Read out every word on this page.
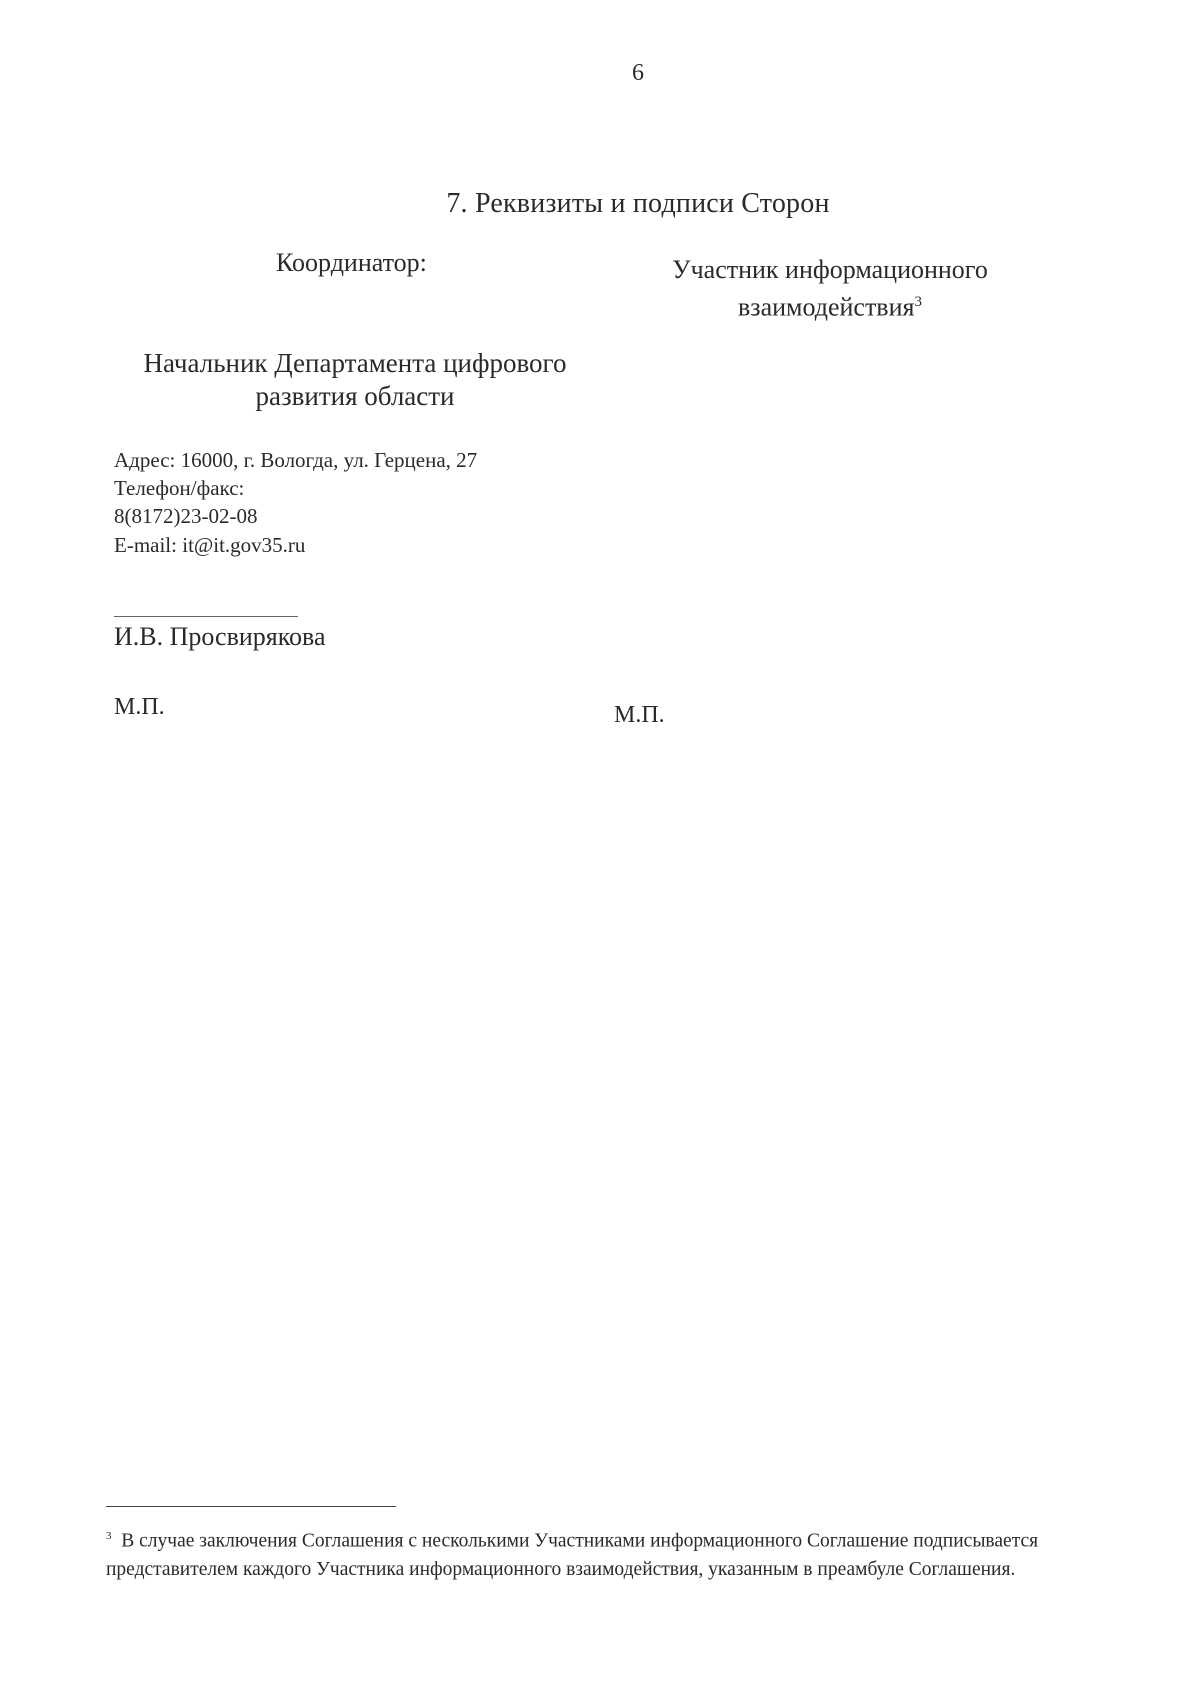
6
7. Реквизиты и подписи Сторон
Координатор:	Участник информационного взаимодействия$^3$
Начальник Департамента цифрового развития области
Адрес: 16000, г. Вологда, ул. Герцена, 27
Телефон/факс:
8(8172)23-02-08
E-mail: it@it.gov35.ru
И.В. Просвирякова
М.П.	М.П.
$^3$ В случае заключения Соглашения с несколькими Участниками информационного Соглашение подписывается представителем каждого Участника информационного взаимодействия, указанным в преамбуле Соглашения.
